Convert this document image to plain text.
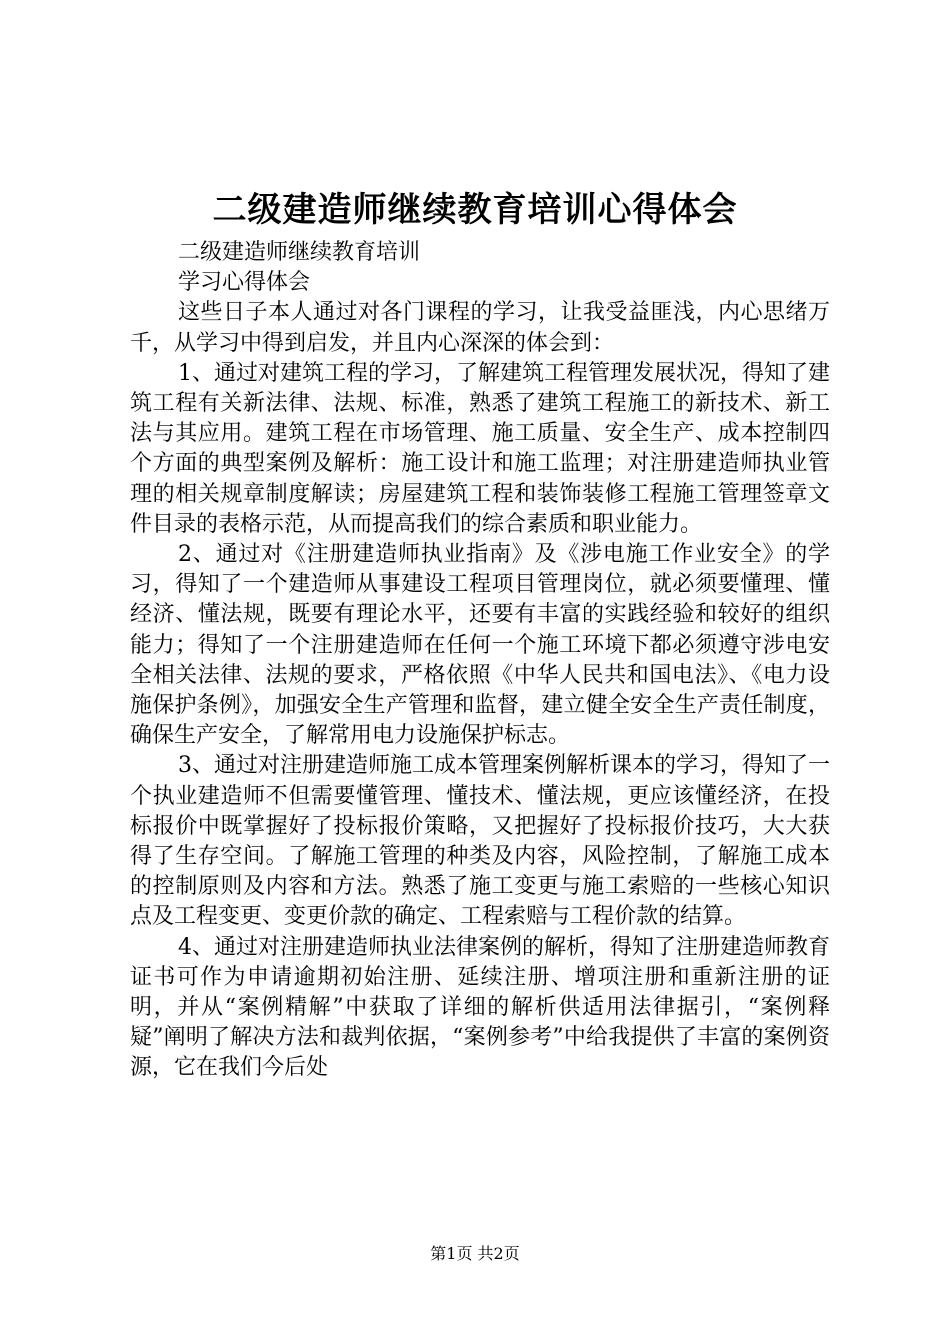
二级建造师继续教育培训心得体会

二级建造师继续教育培训

学习心得体会

这些日子本人通过对各门课程的学习，让我受益匪浅，内心思绪万千，从学习中得到启发，并且内心深深的体会到：

1、通过对建筑工程的学习，了解建筑工程管理发展状况，得知了建筑工程有关新法律、法规、标准，熟悉了建筑工程施工的新技术、新工法与其应用。建筑工程在市场管理、施工质量、安全生产、成本控制四个方面的典型案例及解析：施工设计和施工监理；对注册建造师执业管理的相关规章制度解读；房屋建筑工程和装饰装修工程施工管理签章文件目录的表格示范，从而提高我们的综合素质和职业能力。

2、通过对《注册建造师执业指南》及《涉电施工作业安全》的学习，得知了一个建造师从事建设工程项目管理岗位，就必须要懂理、懂经济、懂法规，既要有理论水平，还要有丰富的实践经验和较好的组织能力；得知了一个注册建造师在任何一个施工环境下都必须遵守涉电安全相关法律、法规的要求，严格依照《中华人民共和国电法》、《电力设施保护条例》，加强安全生产管理和监督，建立健全安全生产责任制度，确保生产安全，了解常用电力设施保护标志。

3、通过对注册建造师施工成本管理案例解析课本的学习，得知了一个执业建造师不但需要懂管理、懂技术、懂法规，更应该懂经济，在投标报价中既掌握好了投标报价策略，又把握好了投标报价技巧，大大获得了生存空间。了解施工管理的种类及内容，风险控制，了解施工成本的控制原则及内容和方法。熟悉了施工变更与施工索赔的一些核心知识点及工程变更、变更价款的确定、工程索赔与工程价款的结算。

4、通过对注册建造师执业法律案例的解析，得知了注册建造师教育证书可作为申请逾期初始注册、延续注册、增项注册和重新注册的证明，并从“案例精解”中获取了详细的解析供适用法律据引，“案例释疑”阐明了解决方法和裁判依据，“案例参考”中给我提供了丰富的案例资源，它在我们今后处

第1页 共2页
